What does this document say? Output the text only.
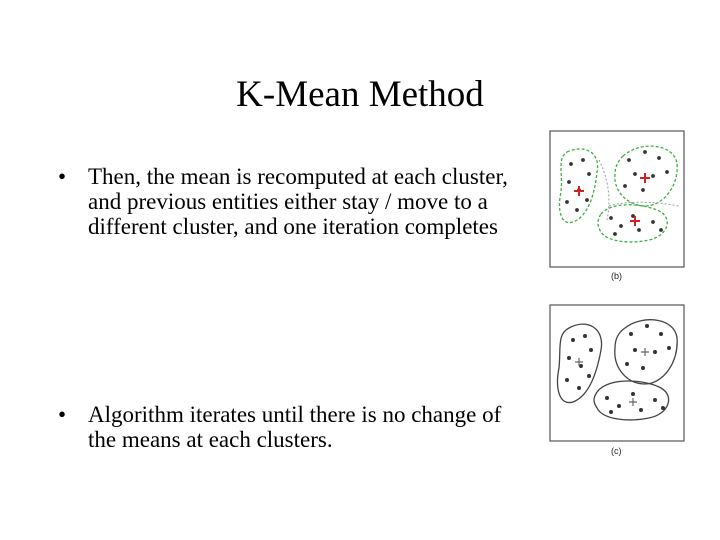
K-Mean Method
• Then, the mean is recomputed at each cluster, and previous entities either stay / move to a different cluster, and one iteration completes
• Algorithm iterates until there is no change of the means at each clusters.
(b)
(c)
